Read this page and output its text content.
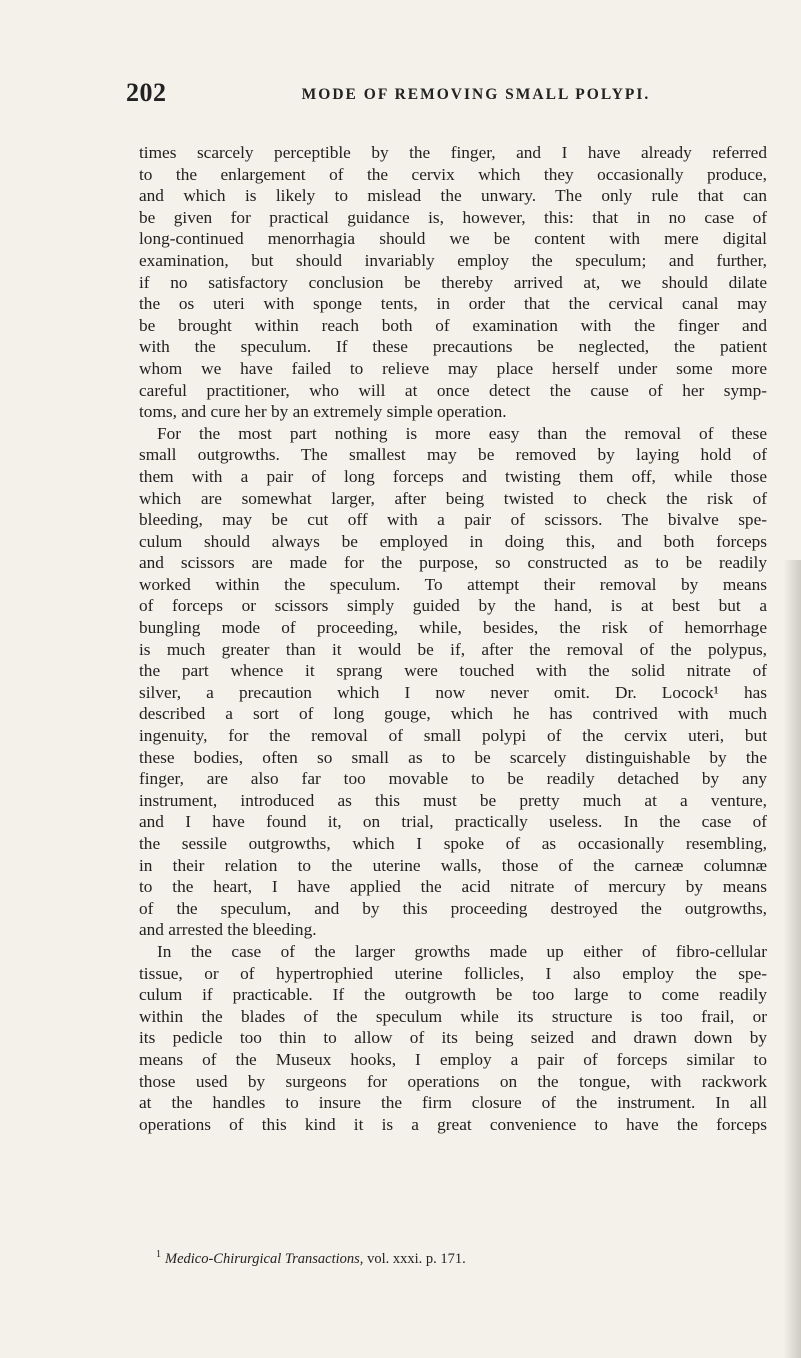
202	MODE OF REMOVING SMALL POLYPI.
times scarcely perceptible by the finger, and I have already referred
to the enlargement of the cervix which they occasionally produce,
and which is likely to mislead the unwary. The only rule that can
be given for practical guidance is, however, this: that in no case of
long-continued menorrhagia should we be content with mere digital
examination, but should invariably employ the speculum; and further,
if no satisfactory conclusion be thereby arrived at, we should dilate
the os uteri with sponge tents, in order that the cervical canal may
be brought within reach both of examination with the finger and
with the speculum. If these precautions be neglected, the patient
whom we have failed to relieve may place herself under some more
careful practitioner, who will at once detect the cause of her symp-
toms, and cure her by an extremely simple operation.
For the most part nothing is more easy than the removal of these
small outgrowths. The smallest may be removed by laying hold of
them with a pair of long forceps and twisting them off, while those
which are somewhat larger, after being twisted to check the risk of
bleeding, may be cut off with a pair of scissors. The bivalve spe-
culum should always be employed in doing this, and both forceps
and scissors are made for the purpose, so constructed as to be readily
worked within the speculum. To attempt their removal by means
of forceps or scissors simply guided by the hand, is at best but a
bungling mode of proceeding, while, besides, the risk of hemorrhage
is much greater than it would be if, after the removal of the polypus,
the part whence it sprang were touched with the solid nitrate of
silver, a precaution which I now never omit. Dr. Locock¹ has
described a sort of long gouge, which he has contrived with much
ingenuity, for the removal of small polypi of the cervix uteri, but
these bodies, often so small as to be scarcely distinguishable by the
finger, are also far too movable to be readily detached by any
instrument, introduced as this must be pretty much at a venture,
and I have found it, on trial, practically useless. In the case of
the sessile outgrowths, which I spoke of as occasionally resembling,
in their relation to the uterine walls, those of the carneæ columnæ
to the heart, I have applied the acid nitrate of mercury by means
of the speculum, and by this proceeding destroyed the outgrowths,
and arrested the bleeding.
In the case of the larger growths made up either of fibro-cellular
tissue, or of hypertrophied uterine follicles, I also employ the spe-
culum if practicable. If the outgrowth be too large to come readily
within the blades of the speculum while its structure is too frail, or
its pedicle too thin to allow of its being seized and drawn down by
means of the Museux hooks, I employ a pair of forceps similar to
those used by surgeons for operations on the tongue, with rackwork
at the handles to insure the firm closure of the instrument. In all
operations of this kind it is a great convenience to have the forceps
$^1$ Medico-Chirurgical Transactions, vol. xxxi. p. 171.
